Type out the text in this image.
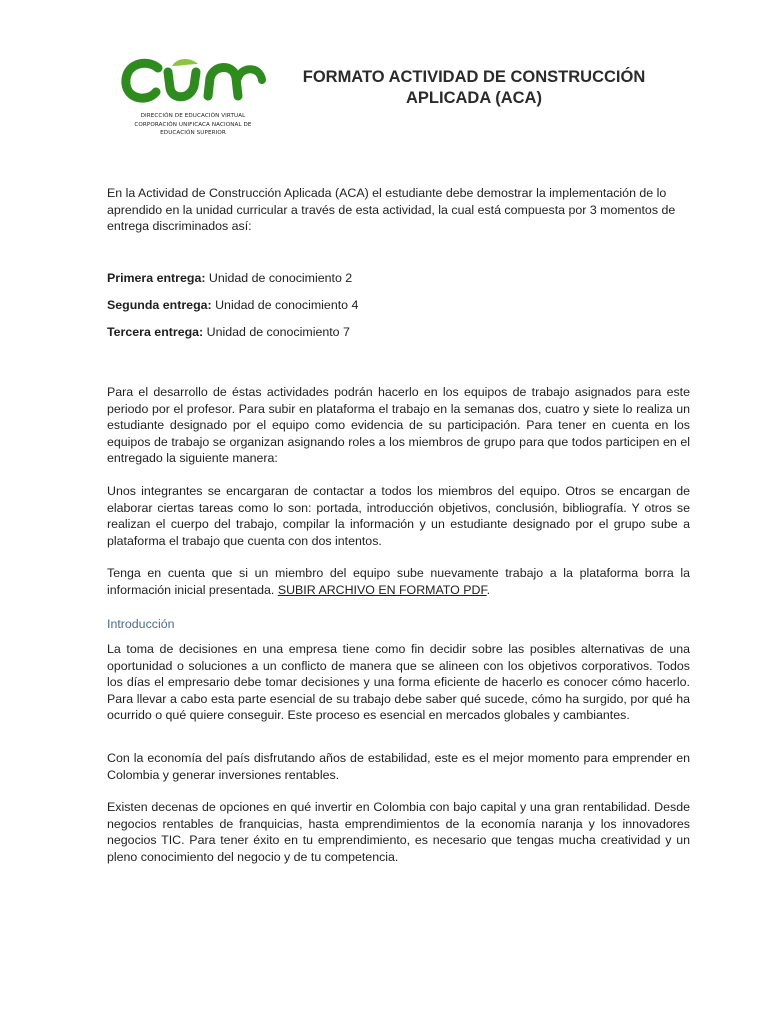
DIRECCIÓN DE EDUCACIÓN VIRTUAL
CORPORACIÓN UNIFICACA NACIONAL DE
EDUCACIÓN SUPERIOR
FORMATO ACTIVIDAD DE CONSTRUCCIÓN
APLICADA (ACA)
En la Actividad de Construcción Aplicada (ACA) el estudiante debe demostrar la implementación de lo aprendido en la unidad curricular a través de esta actividad, la cual está compuesta por 3 momentos de entrega discriminados así:
Primera entrega: Unidad de conocimiento 2
Segunda entrega: Unidad de conocimiento 4
Tercera entrega: Unidad de conocimiento 7
Para el desarrollo de éstas actividades podrán hacerlo en los equipos de trabajo asignados para este periodo por el profesor. Para subir en plataforma el trabajo en la semanas dos, cuatro y siete lo realiza un estudiante designado por el equipo como evidencia de su participación. Para tener en cuenta en los equipos de trabajo se organizan asignando roles a los miembros de grupo para que todos participen en el entregado la siguiente manera:
Unos integrantes se encargaran de contactar a todos los miembros del equipo. Otros se encargan de elaborar ciertas tareas como lo son: portada, introducción objetivos, conclusión, bibliografía. Y otros se realizan el cuerpo del trabajo, compilar la información y un estudiante designado por el grupo sube a plataforma el trabajo que cuenta con dos intentos.
Tenga en cuenta que si un miembro del equipo sube nuevamente trabajo a la plataforma borra la información inicial presentada. SUBIR ARCHIVO EN FORMATO PDF.
Introducción
La toma de decisiones en una empresa tiene como fin decidir sobre las posibles alternativas de una oportunidad o soluciones a un conflicto de manera que se alineen con los objetivos corporativos. Todos los días el empresario debe tomar decisiones y una forma eficiente de hacerlo es conocer cómo hacerlo. Para llevar a cabo esta parte esencial de su trabajo debe saber qué sucede, cómo ha surgido, por qué ha ocurrido o qué quiere conseguir. Este proceso es esencial en mercados globales y cambiantes.
Con la economía del país disfrutando años de estabilidad, este es el mejor momento para emprender en Colombia y generar inversiones rentables.
Existen decenas de opciones en qué invertir en Colombia con bajo capital y una gran rentabilidad. Desde negocios rentables de franquicias, hasta emprendimientos de la economía naranja y los innovadores negocios TIC. Para tener éxito en tu emprendimiento, es necesario que tengas mucha creatividad y un pleno conocimiento del negocio y de tu competencia.
